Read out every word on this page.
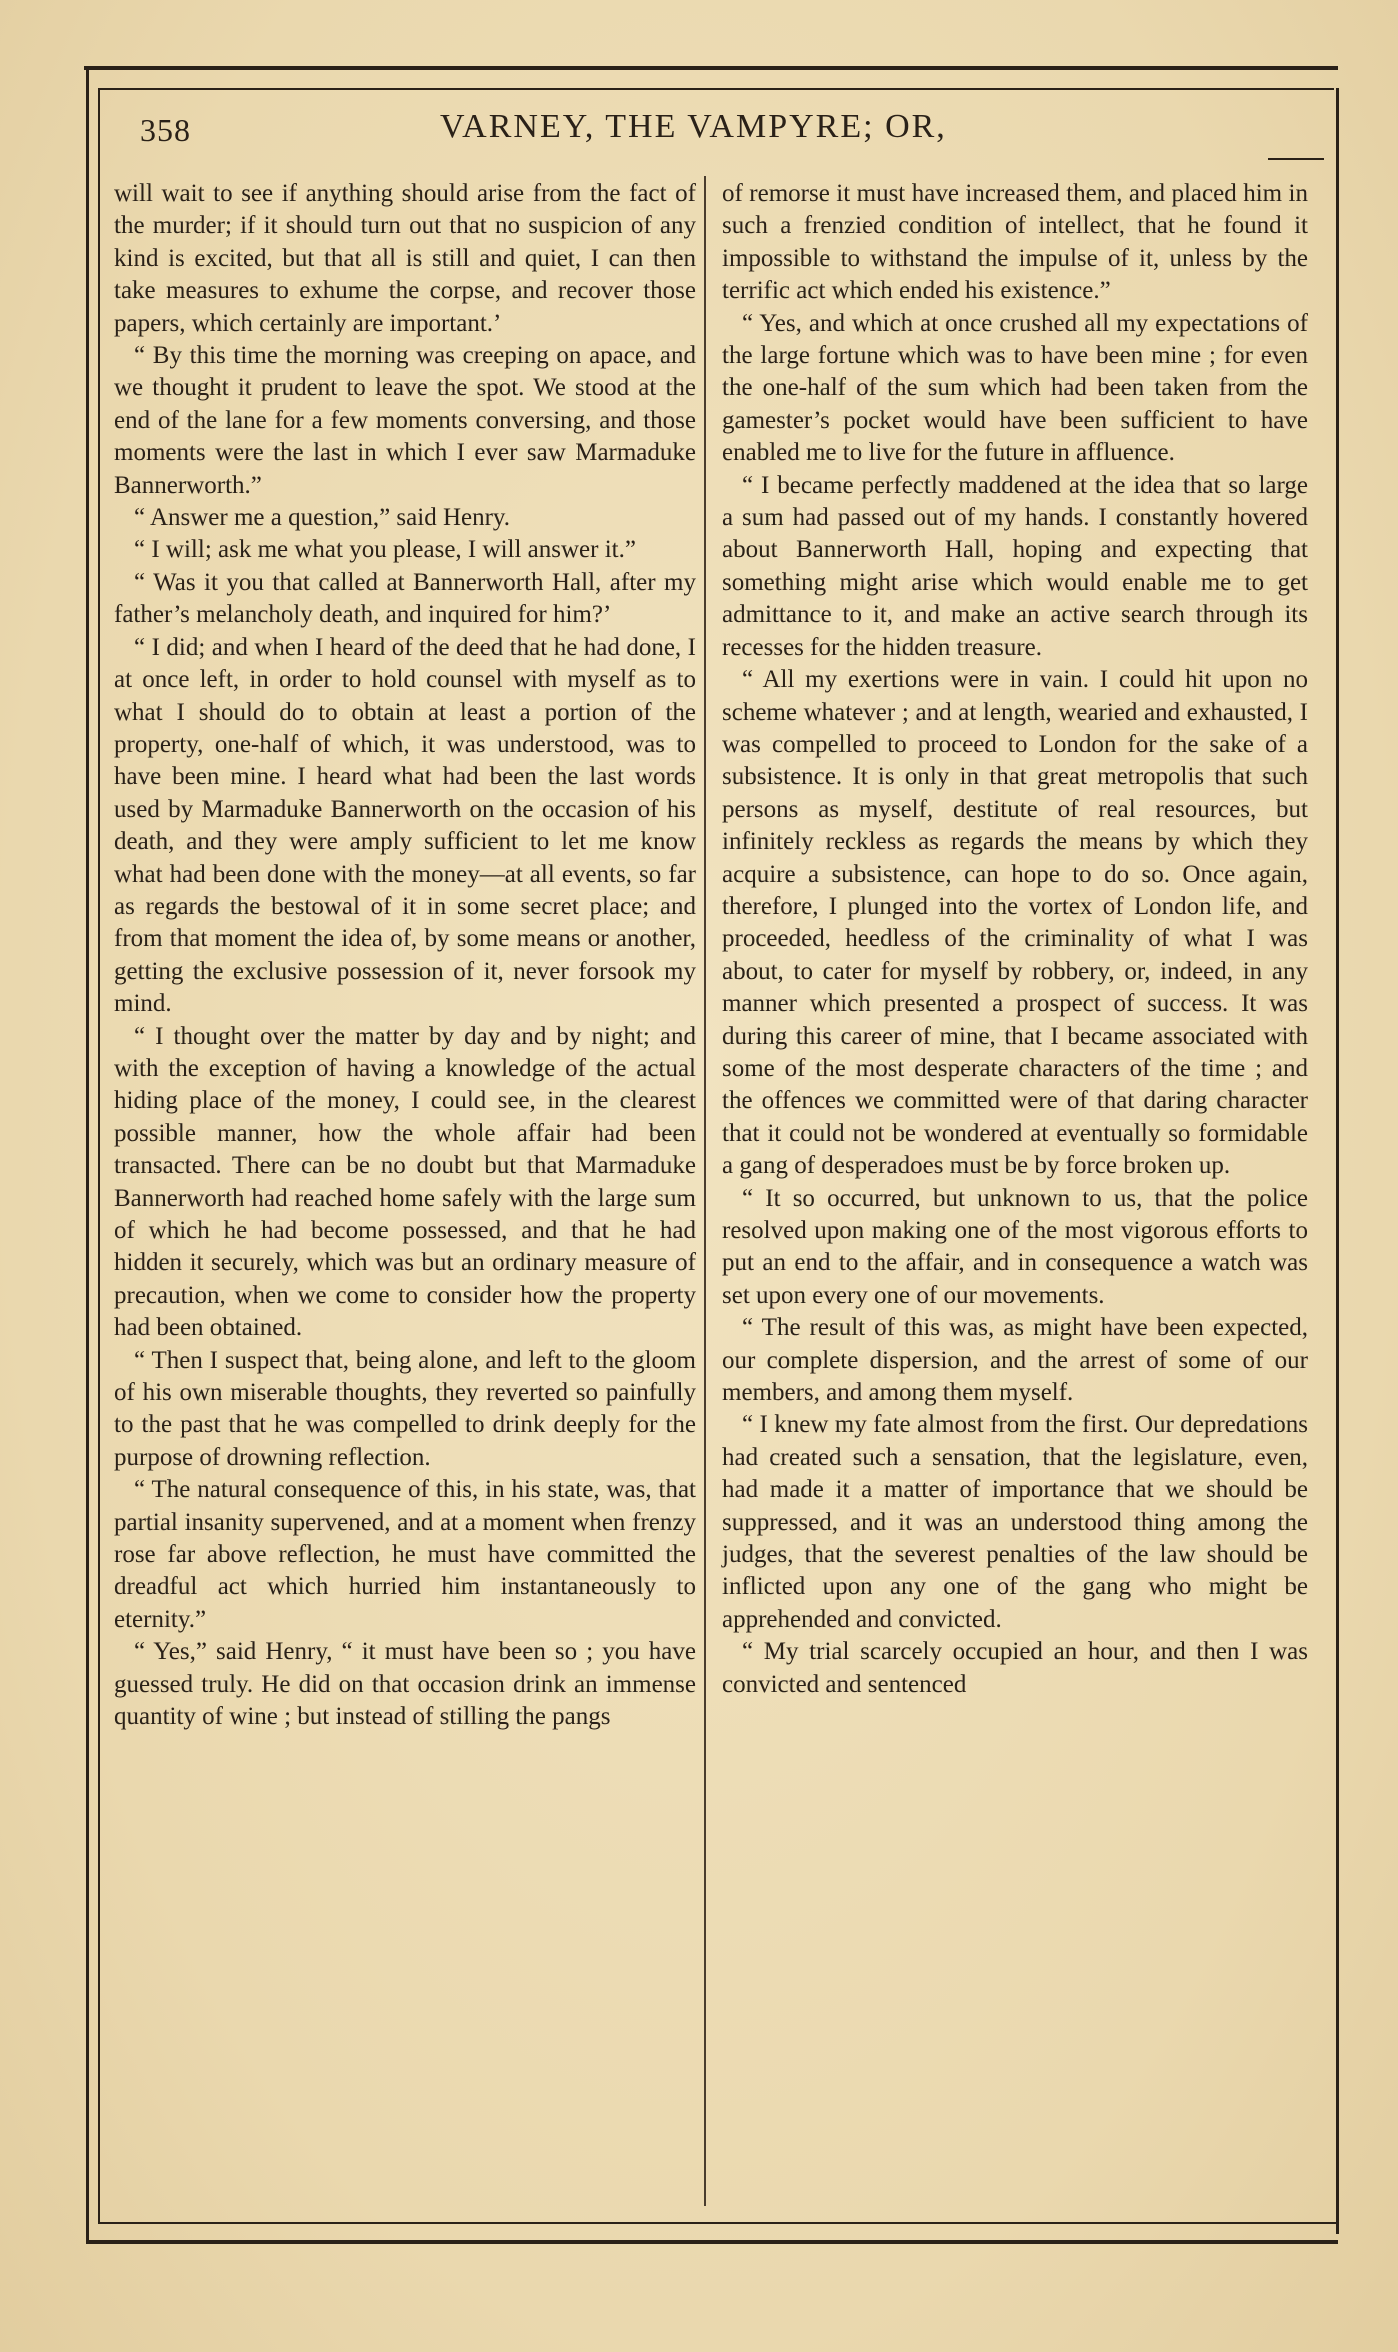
358	VARNEY, THE VAMPYRE; OR,

will wait to see if anything should arise from the fact of the murder; if it should turn out that no suspicion of any kind is excited, but that all is still and quiet, I can then take measures to exhume the corpse, and recover those papers, which certainly are important.’

“ By this time the morning was creeping on apace, and we thought it prudent to leave the spot. We stood at the end of the lane for a few moments conversing, and those moments were the last in which I ever saw Marmaduke Bannerworth.”

“ Answer me a question,” said Henry.

“ I will; ask me what you please, I will answer it.”

“ Was it you that called at Bannerworth Hall, after my father’s melancholy death, and inquired for him?’

“ I did; and when I heard of the deed that he had done, I at once left, in order to hold counsel with myself as to what I should do to obtain at least a portion of the property, one-half of which, it was understood, was to have been mine. I heard what had been the last words used by Marmaduke Bannerworth on the occasion of his death, and they were amply sufficient to let me know what had been done with the money—at all events, so far as regards the bestowal of it in some secret place; and from that moment the idea of, by some means or another, getting the exclusive possession of it, never forsook my mind.

“ I thought over the matter by day and by night; and with the exception of having a knowledge of the actual hiding place of the money, I could see, in the clearest possible manner, how the whole affair had been transacted. There can be no doubt but that Marmaduke Bannerworth had reached home safely with the large sum of which he had become possessed, and that he had hidden it securely, which was but an ordinary measure of precaution, when we come to consider how the property had been obtained.

“ Then I suspect that, being alone, and left to the gloom of his own miserable thoughts, they reverted so painfully to the past that he was compelled to drink deeply for the purpose of drowning reflection.

“ The natural consequence of this, in his state, was, that partial insanity supervened, and at a moment when frenzy rose far above reflection, he must have committed the dreadful act which hurried him instantaneously to eternity.”

“ Yes,” said Henry, “ it must have been so ; you have guessed truly. He did on that occasion drink an immense quantity of wine ; but instead of stilling the pangs

of remorse it must have increased them, and placed him in such a frenzied condition of intellect, that he found it impossible to withstand the impulse of it, unless by the terrific act which ended his existence.”

“ Yes, and which at once crushed all my expectations of the large fortune which was to have been mine ; for even the one-half of the sum which had been taken from the gamester’s pocket would have been sufficient to have enabled me to live for the future in affluence.

“ I became perfectly maddened at the idea that so large a sum had passed out of my hands. I constantly hovered about Bannerworth Hall, hoping and expecting that something might arise which would enable me to get admittance to it, and make an active search through its recesses for the hidden treasure.

“ All my exertions were in vain. I could hit upon no scheme whatever ; and at length, wearied and exhausted, I was compelled to proceed to London for the sake of a subsistence. It is only in that great metropolis that such persons as myself, destitute of real resources, but infinitely reckless as regards the means by which they acquire a subsistence, can hope to do so. Once again, therefore, I plunged into the vortex of London life, and proceeded, heedless of the criminality of what I was about, to cater for myself by robbery, or, indeed, in any manner which presented a prospect of success. It was during this career of mine, that I became associated with some of the most desperate characters of the time ; and the offences we committed were of that daring character that it could not be wondered at eventually so formidable a gang of desperadoes must be by force broken up.

“ It so occurred, but unknown to us, that the police resolved upon making one of the most vigorous efforts to put an end to the affair, and in consequence a watch was set upon every one of our movements.

“ The result of this was, as might have been expected, our complete dispersion, and the arrest of some of our members, and among them myself.

“ I knew my fate almost from the first. Our depredations had created such a sensation, that the legislature, even, had made it a matter of importance that we should be suppressed, and it was an understood thing among the judges, that the severest penalties of the law should be inflicted upon any one of the gang who might be apprehended and convicted.

“ My trial scarcely occupied an hour, and then I was convicted and sentenced
